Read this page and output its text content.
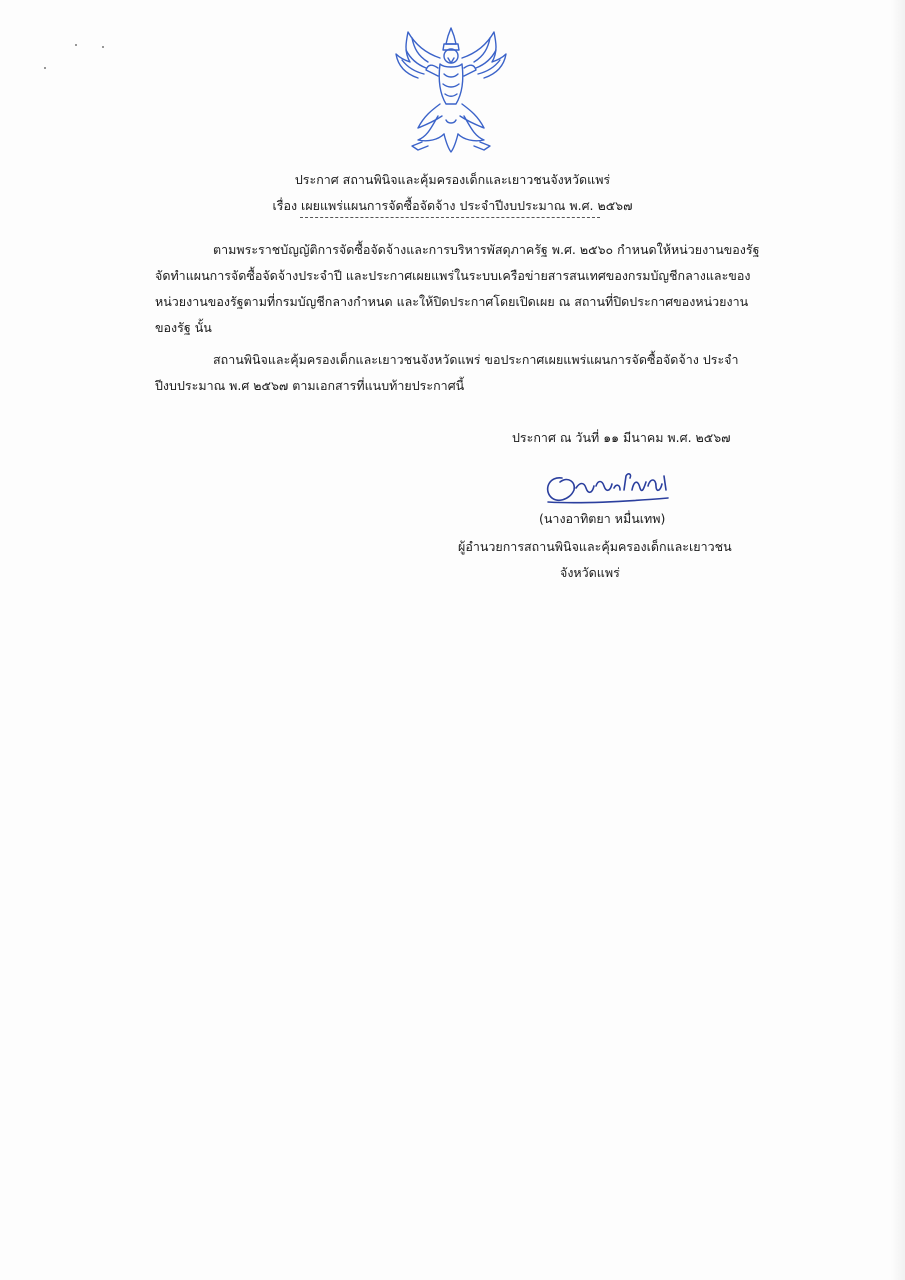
ประกาศ สถานพินิจและคุ้มครองเด็กและเยาวชนจังหวัดแพร่
เรื่อง เผยแพร่แผนการจัดซื้อจัดจ้าง ประจำปีงบประมาณ พ.ศ. ๒๕๖๗
ตามพระราชบัญญัติการจัดซื้อจัดจ้างและการบริหารพัสดุภาครัฐ พ.ศ. ๒๕๖๐ กำหนดให้หน่วยงานของรัฐ
จัดทำแผนการจัดซื้อจัดจ้างประจำปี และประกาศเผยแพร่ในระบบเครือข่ายสารสนเทศของกรมบัญชีกลางและของ
หน่วยงานของรัฐตามที่กรมบัญชีกลางกำหนด และให้ปิดประกาศโดยเปิดเผย ณ สถานที่ปิดประกาศของหน่วยงาน
ของรัฐ นั้น
สถานพินิจและคุ้มครองเด็กและเยาวชนจังหวัดแพร่ ขอประกาศเผยแพร่แผนการจัดซื้อจัดจ้าง ประจำ
ปีงบประมาณ พ.ศ ๒๕๖๗ ตามเอกสารที่แนบท้ายประกาศนี้
ประกาศ ณ วันที่ ๑๑ มีนาคม พ.ศ. ๒๕๖๗
(นางอาทิตยา หมื่นเทพ)
ผู้อำนวยการสถานพินิจและคุ้มครองเด็กและเยาวชน
จังหวัดแพร่
